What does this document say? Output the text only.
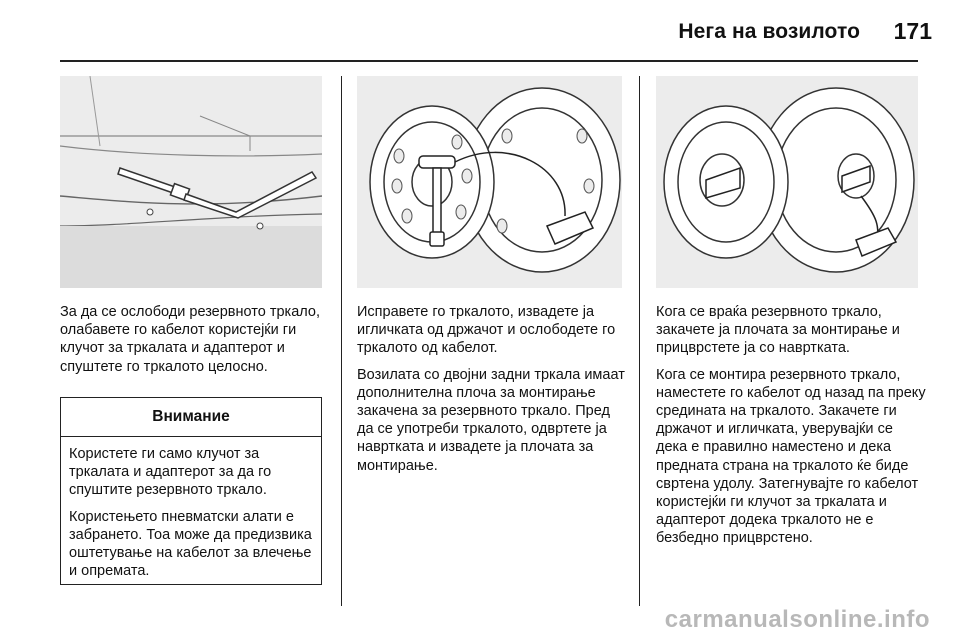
Нега на возилото	171

За да се ослободи резервното тркало, олабавете го кабелот користејќи ги клучот за тркалата и адаптерот и спуштете го тркалото целосно.

Внимание

Користете ги само клучот за тркалата и адаптерот за да го спуштите резервното тркало.

Користењето пневматски алати е забрането. Тоа може да предизвика оштетување на кабелот за влечење и опремата.

Исправете го тркалото, извадете ја игличката од држачот и ослободете го тркалото од кабелот.

Возилата со двојни задни тркала имаат дополнителна плоча за монтирање закачена за резервното тркало. Пред да се употреби тркалото, одвртете ја навртката и извадете ја плочата за монтирање.

Кога се враќа резервното тркало, закачете ја плочата за монтирање и прицврстете ја со навртката.

Кога се монтира резервното тркало, наместете го кабелот од назад па преку средината на тркалото. Закачете ги држачот и игличката, уверувајќи се дека е правилно наместено и дека предната страна на тркалото ќе биде свртена удолу. Затегнувајте го кабелот користејќи ги клучот за тркалата и адаптерот додека тркалото не е безбедно прицврстено.

carmanualsonline.info
